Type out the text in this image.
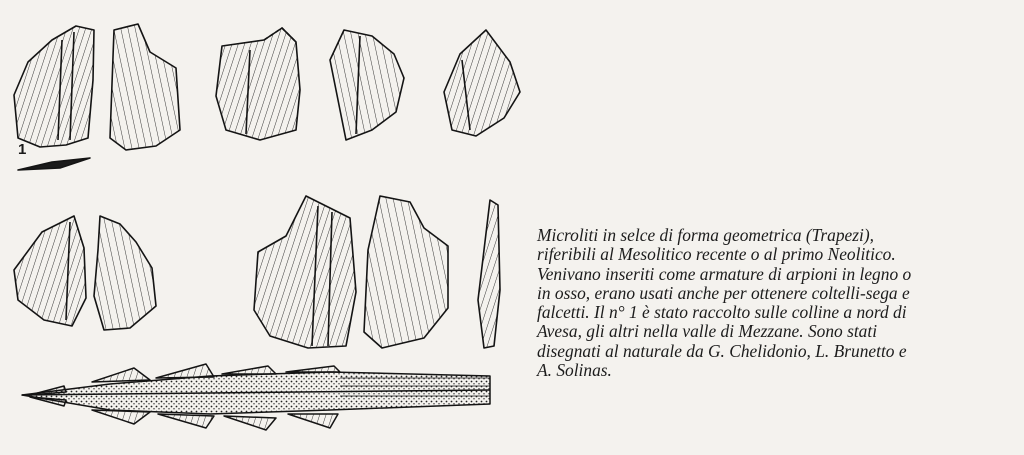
1

Microliti in selce di forma geometrica (Trapezi),
riferibili al Mesolitico recente o al primo Neolitico.
Venivano inseriti come armature di arpioni in legno o
in osso, erano usati anche per ottenere coltelli-sega e
falcetti. Il n° 1 è stato raccolto sulle colline a nord di
Avesa, gli altri nella valle di Mezzane. Sono stati
disegnati al naturale da G. Chelidonio, L. Brunetto e
A. Solinas.
